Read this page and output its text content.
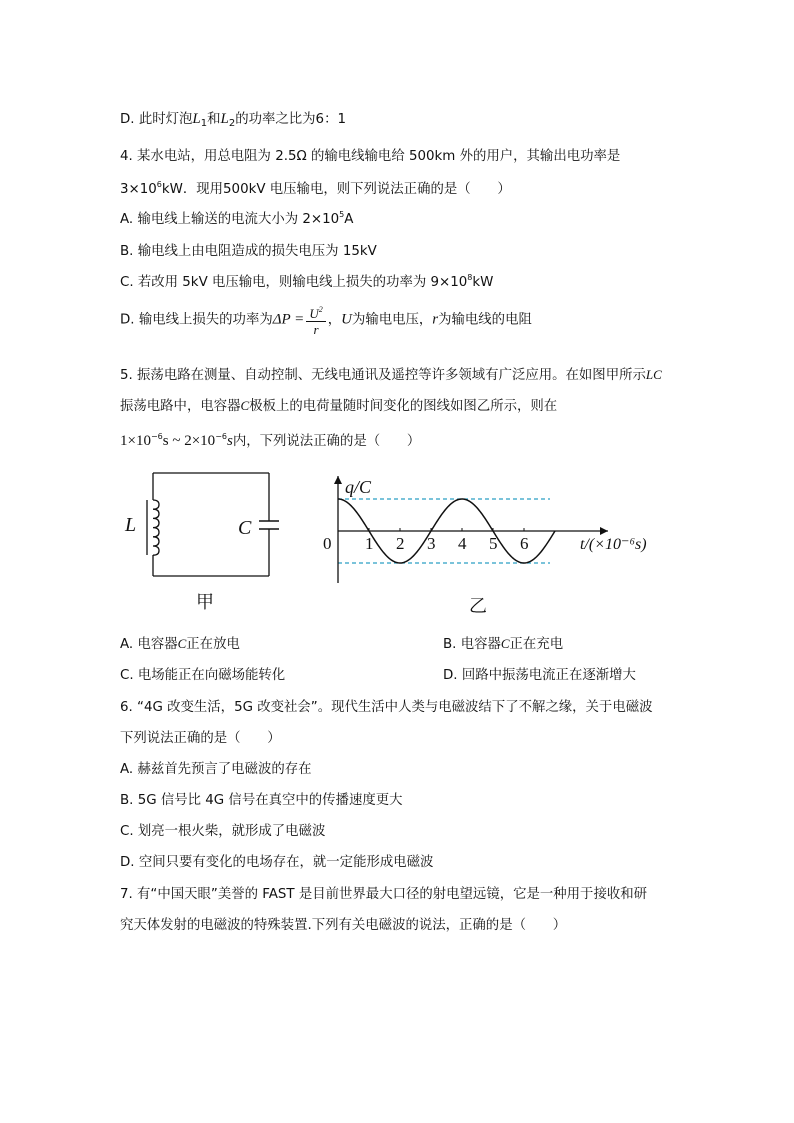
D. 此时灯泡$L_1$和$L_2$的功率之比为6：1
4. 某水电站，用总电阻为 2.5Ω 的输电线输电给 500km 外的用户，其输出电功率是
$3\times 10^6kW$．现用500kV 电压输电，则下列说法正确的是（　　）
A. 输电线上输送的电流大小为 $2\times 10^5A$
B. 输电线上由电阻造成的损失电压为 15kV
C. 若改用 5kV 电压输电，则输电线上损失的功率为 $9\times 10^8kW$
D. 输电线上损失的功率为$\Delta P = \frac{U^2}{r}$ ，U为输电电压，r为输电线的电阻
5. 振荡电路在测量、自动控制、无线电通讯及遥控等许多领域有广泛应用。在如图甲所示LC
振荡电路中，电容器C极板上的电荷量随时间变化的图线如图乙所示，则在
$1\times 10^{-6}s$ ~ $2\times 10^{-6}s$内，下列说法正确的是（　　）
L	C
甲
1 2 3 4 5 6
0
q/C
t/(×10⁻⁶s)
乙
A. 电容器C正在放电	B. 电容器C正在充电
C. 电场能正在向磁场能转化	D. 回路中振荡电流正在逐渐增大
6. “4G 改变生活，5G 改变社会”。现代生活中人类与电磁波结下了不解之缘，关于电磁波
下列说法正确的是（　　）
A. 赫兹首先预言了电磁波的存在
B. 5G 信号比 4G 信号在真空中的传播速度更大
C. 划亮一根火柴，就形成了电磁波
D. 空间只要有变化的电场存在，就一定能形成电磁波
7. 有“中国天眼”美誉的 FAST 是目前世界最大口径的射电望远镜，它是一种用于接收和研
究天体发射的电磁波的特殊装置.下列有关电磁波的说法，正确的是（　　）
